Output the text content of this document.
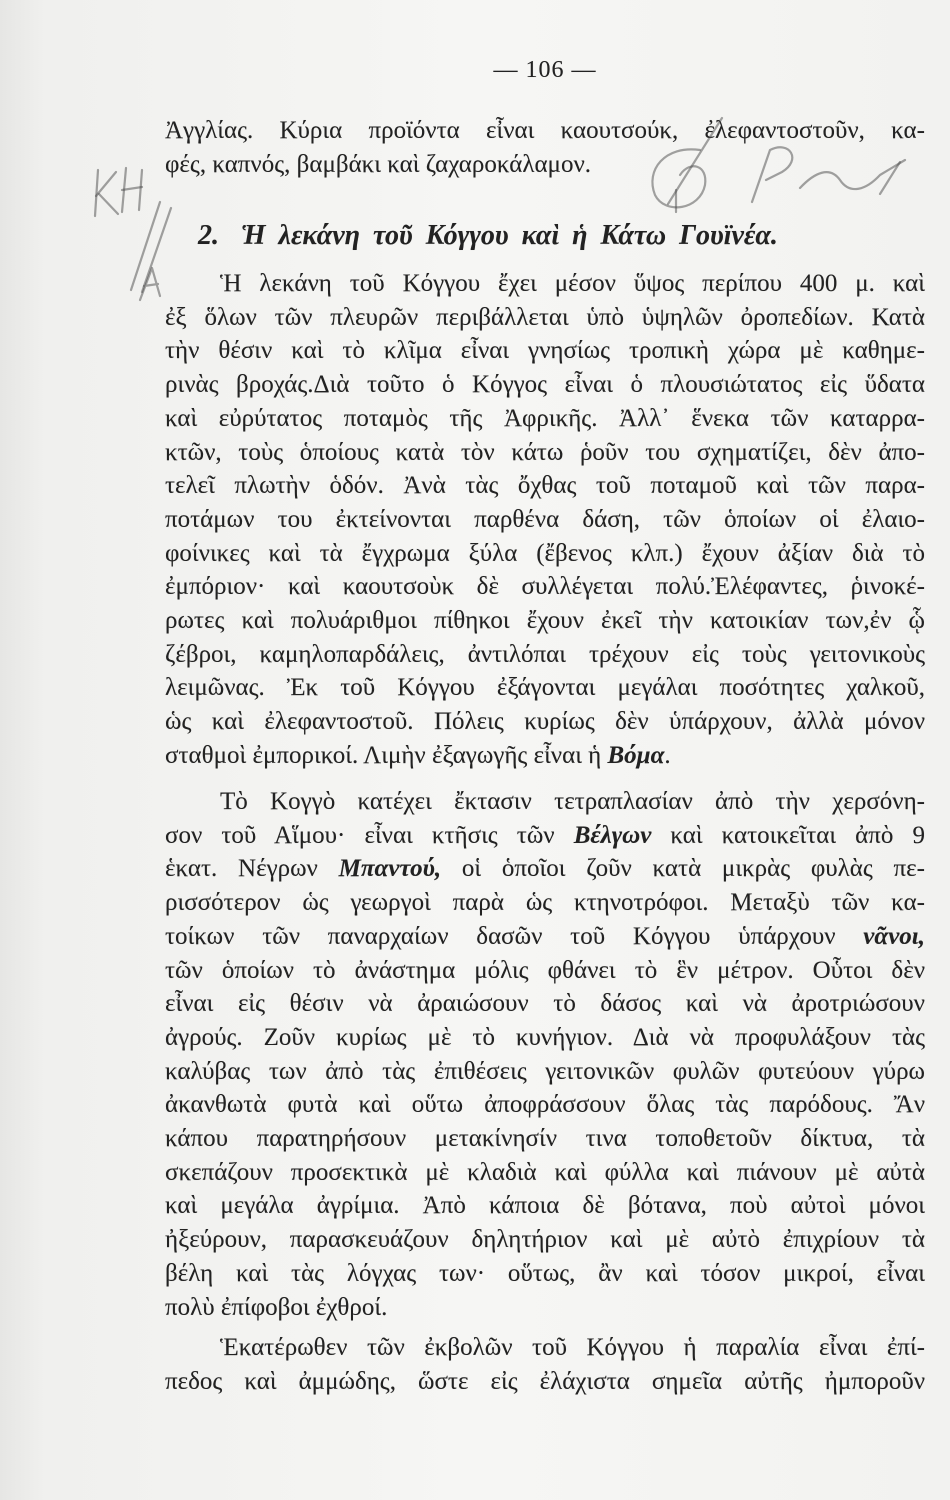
— 106 —
Ἀγγλίας. Κύρια προϊόντα εἶναι καουτσούκ, ἐλεφαντοστοῦν, κα-
φές, καπνός, βαμβάκι καὶ ζαχαροκάλαμον.
2. Ἡ λεκάνη τοῦ Κόγγου καὶ ἡ Κάτω Γουϊνέα.
Ἡ λεκάνη τοῦ Κόγγου ἔχει μέσον ὕψος περίπου 400 μ. καὶ
ἐξ ὅλων τῶν πλευρῶν περιβάλλεται ὑπὸ ὑψηλῶν ὀροπεδίων. Κατὰ
τὴν θέσιν καὶ τὸ κλῖμα εἶναι γνησίως τροπικὴ χώρα μὲ καθημε-
ρινὰς βροχάς.Διὰ τοῦτο ὁ Κόγγος εἶναι ὁ πλουσιώτατος εἰς ὕδατα
καὶ εὐρύτατος ποταμὸς τῆς Ἀφρικῆς. Ἀλλ᾿ ἕνεκα τῶν καταρρα-
κτῶν, τοὺς ὁποίους κατὰ τὸν κάτω ῥοῦν του σχηματίζει, δὲν ἀπο-
τελεῖ πλωτὴν ὁδόν. Ἀνὰ τὰς ὄχθας τοῦ ποταμοῦ καὶ τῶν παρα-
ποτάμων του ἐκτείνονται παρθένα δάση, τῶν ὁποίων οἱ ἐλαιο-
φοίνικες καὶ τὰ ἔγχρωμα ξύλα (ἔβενος κλπ.) ἔχουν ἀξίαν διὰ τὸ
ἐμπόριον· καὶ καουτσοὺκ δὲ συλλέγεται πολύ.Ἐλέφαντες, ῥινοκέ-
ρωτες καὶ πολυάριθμοι πίθηκοι ἔχουν ἐκεῖ τὴν κατοικίαν των,ἐν ᾧ
ζέβροι, καμηλοπαρδάλεις, ἀντιλόπαι τρέχουν εἰς τοὺς γειτονικοὺς
λειμῶνας. Ἐκ τοῦ Κόγγου ἐξάγονται μεγάλαι ποσότητες χαλκοῦ,
ὡς καὶ ἐλεφαντοστοῦ. Πόλεις κυρίως δὲν ὑπάρχουν, ἀλλὰ μόνον
σταθμοὶ ἐμπορικοί. Λιμὴν ἐξαγωγῆς εἶναι ἡ Βόμα.
Τὸ Κογγὸ κατέχει ἔκτασιν τετραπλασίαν ἀπὸ τὴν χερσόνη-
σον τοῦ Αἵμου· εἶναι κτῆσις τῶν Βέλγων καὶ κατοικεῖται ἀπὸ 9
ἑκατ. Νέγρων Μπαντού, οἱ ὁποῖοι ζοῦν κατὰ μικρὰς φυλὰς πε-
ρισσότερον ὡς γεωργοὶ παρὰ ὡς κτηνοτρόφοι. Μεταξὺ τῶν κα-
τοίκων τῶν παναρχαίων δασῶν τοῦ Κόγγου ὑπάρχουν νᾶνοι,
τῶν ὁποίων τὸ ἀνάστημα μόλις φθάνει τὸ ἓν μέτρον. Οὗτοι δὲν
εἶναι εἰς θέσιν νὰ ἀραιώσουν τὸ δάσος καὶ νὰ ἀροτριώσουν
ἀγρούς. Ζοῦν κυρίως μὲ τὸ κυνήγιον. Διὰ νὰ προφυλάξουν τὰς
καλύβας των ἀπὸ τὰς ἐπιθέσεις γειτονικῶν φυλῶν φυτεύουν γύρω
ἀκανθωτὰ φυτὰ καὶ οὕτω ἀποφράσσουν ὅλας τὰς παρόδους. Ἄν
κάπου παρατηρήσουν μετακίνησίν τινα τοποθετοῦν δίκτυα, τὰ
σκεπάζουν προσεκτικὰ μὲ κλαδιὰ καὶ φύλλα καὶ πιάνουν μὲ αὐτὰ
καὶ μεγάλα ἀγρίμια. Ἀπὸ κάποια δὲ βότανα, ποὺ αὐτοὶ μόνοι
ἠξεύρουν, παρασκευάζουν δηλητήριον καὶ μὲ αὐτὸ ἐπιχρίουν τὰ
βέλη καὶ τὰς λόγχας των· οὕτως, ἂν καὶ τόσον μικροί, εἶναι
πολὺ ἐπίφοβοι ἐχθροί.
Ἑκατέρωθεν τῶν ἐκβολῶν τοῦ Κόγγου ἡ παραλία εἶναι ἐπί-
πεδος καὶ ἀμμώδης, ὥστε εἰς ἐλάχιστα σημεῖα αὐτῆς ἠμποροῦν
